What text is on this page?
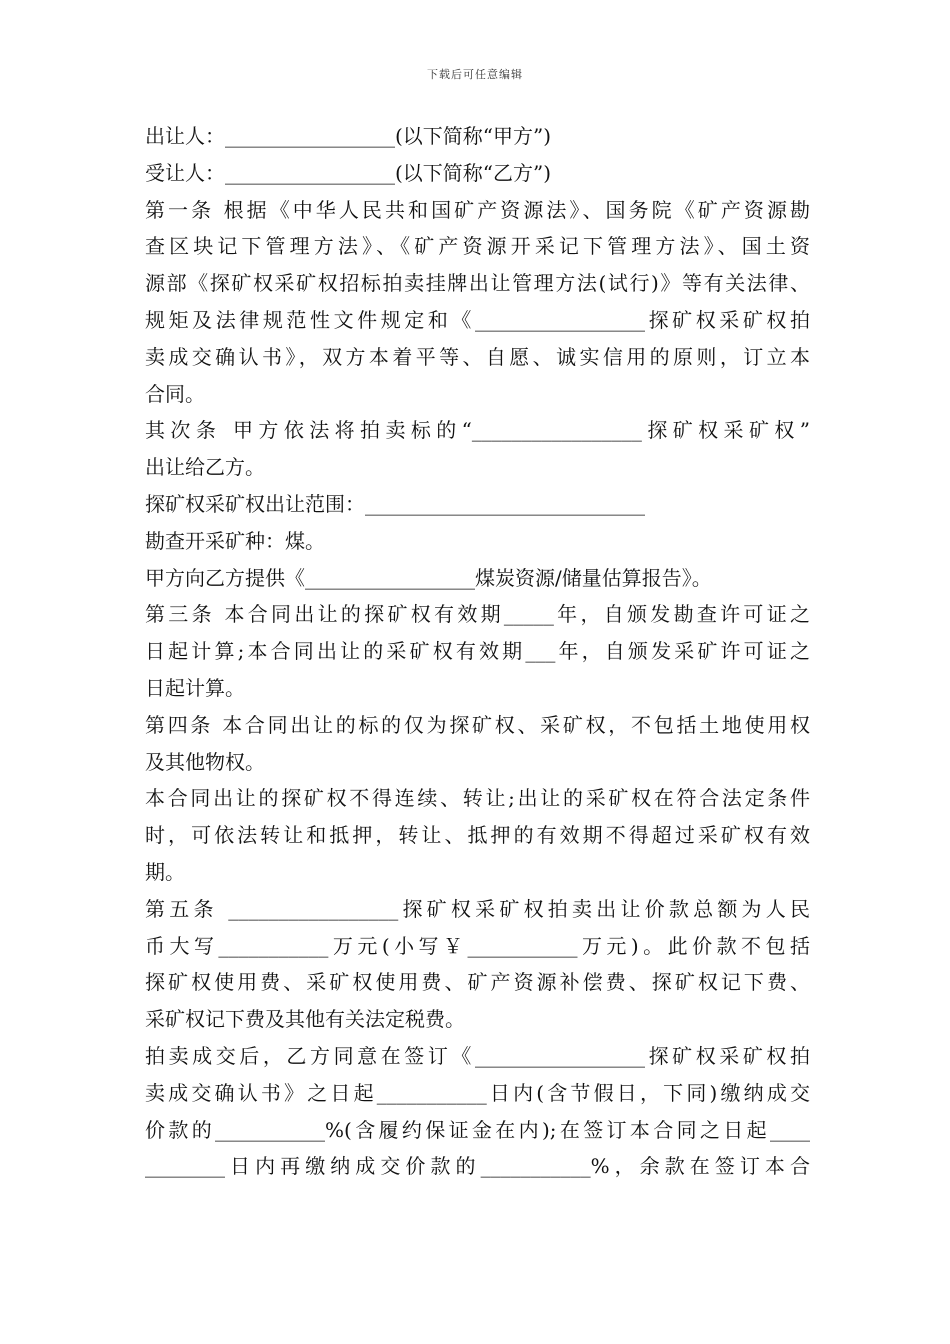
下载后可任意编辑
出让人：_________________(以下简称“甲方”)
受让人：_________________(以下简称“乙方”)
第一条 根据《中华人民共和国矿产资源法》、国务院《矿产资源勘
查区块记下管理方法》、《矿产资源开采记下管理方法》、国土资
源部《探矿权采矿权招标拍卖挂牌出让管理方法(试行)》等有关法律、
规矩及法律规范性文件规定和《_________________探矿权采矿权拍
卖成交确认书》，双方本着平等、自愿、诚实信用的原则，订立本
合同。
其次条 甲方依法将拍卖标的“_________________探矿权采矿权”
出让给乙方。
探矿权采矿权出让范围：____________________________
勘查开采矿种：煤。
甲方向乙方提供《_________________煤炭资源/储量估算报告》。
第三条 本合同出让的探矿权有效期_____年，自颁发勘查许可证之
日起计算;本合同出让的采矿权有效期___年，自颁发采矿许可证之
日起计算。
第四条 本合同出让的标的仅为探矿权、采矿权，不包括土地使用权
及其他物权。
本合同出让的探矿权不得连续、转让;出让的采矿权在符合法定条件
时，可依法转让和抵押，转让、抵押的有效期不得超过采矿权有效
期。
第五条 _________________探矿权采矿权拍卖出让价款总额为人民
币大写___________万元(小写￥___________万元)。此价款不包括
探矿权使用费、采矿权使用费、矿产资源补偿费、探矿权记下费、
采矿权记下费及其他有关法定税费。
拍卖成交后，乙方同意在签订《_________________探矿权采矿权拍
卖成交确认书》之日起___________日内(含节假日，下同)缴纳成交
价款的___________%(含履约保证金在内);在签订本合同之日起____
________日内再缴纳成交价款的___________%，余款在签订本合
